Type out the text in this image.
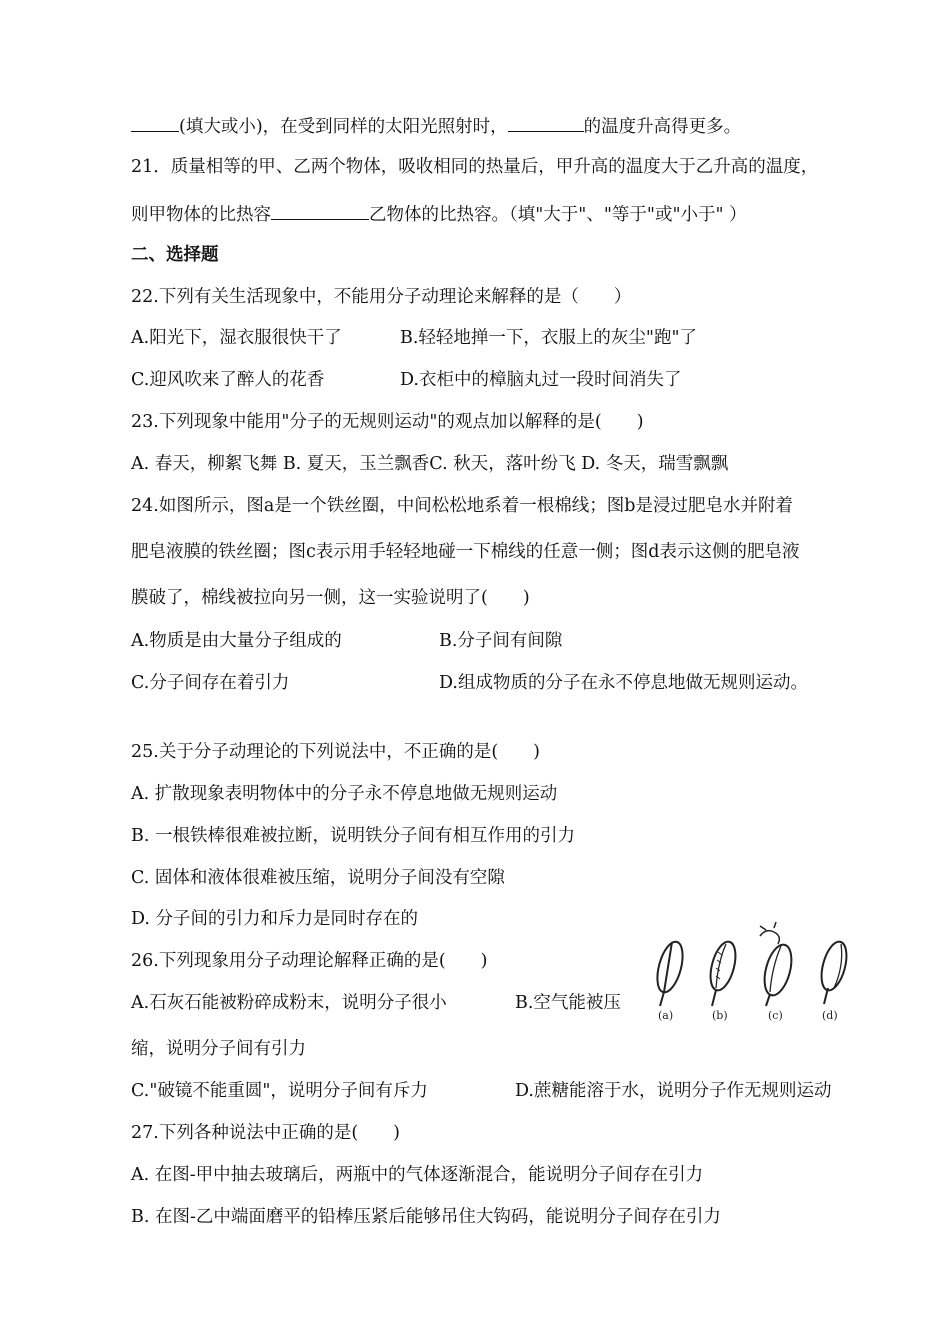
(填大或小)，在受到同样的太阳光照射时，	的温度升高得更多。
21．质量相等的甲、乙两个物体，吸收相同的热量后，甲升高的温度大于乙升高的温度，
则甲物体的比热容	乙物体的比热容。（填"大于"、"等于"或"小于" ）
二、选择题
22.下列有关生活现象中，不能用分子动理论来解释的是（　　）
A.阳光下，湿衣服很快干了	B.轻轻地掸一下，衣服上的灰尘"跑"了
C.迎风吹来了醉人的花香	D.衣柜中的樟脑丸过一段时间消失了
23.下列现象中能用"分子的无规则运动"的观点加以解释的是(　　)
A. 春天，柳絮飞舞 B. 夏天，玉兰飘香C. 秋天，落叶纷飞 D. 冬天，瑞雪飘飘
24.如图所示，图a是一个铁丝圈，中间松松地系着一根棉线；图b是浸过肥皂水并附着
肥皂液膜的铁丝圈；图c表示用手轻轻地碰一下棉线的任意一侧；图d表示这侧的肥皂液
膜破了，棉线被拉向另一侧，这一实验说明了(　　)
A.物质是由大量分子组成的	B.分子间有间隙
C.分子间存在着引力	D.组成物质的分子在永不停息地做无规则运动。
25.关于分子动理论的下列说法中，不正确的是(　　)
A. 扩散现象表明物体中的分子永不停息地做无规则运动
B. 一根铁棒很难被拉断，说明铁分子间有相互作用的引力
C. 固体和液体很难被压缩，说明分子间没有空隙
D. 分子间的引力和斥力是同时存在的
26.下列现象用分子动理论解释正确的是(　　)
A.石灰石能被粉碎成粉末，说明分子很小	B.空气能被压
缩，说明分子间有引力
C."破镜不能重圆"，说明分子间有斥力	D.蔗糖能溶于水，说明分子作无规则运动
27.下列各种说法中正确的是(　　)
A. 在图-甲中抽去玻璃后，两瓶中的气体逐渐混合，能说明分子间存在引力
B. 在图-乙中端面磨平的铅棒压紧后能够吊住大钩码，能说明分子间存在引力
(a)	(b)	(c)	(d)
